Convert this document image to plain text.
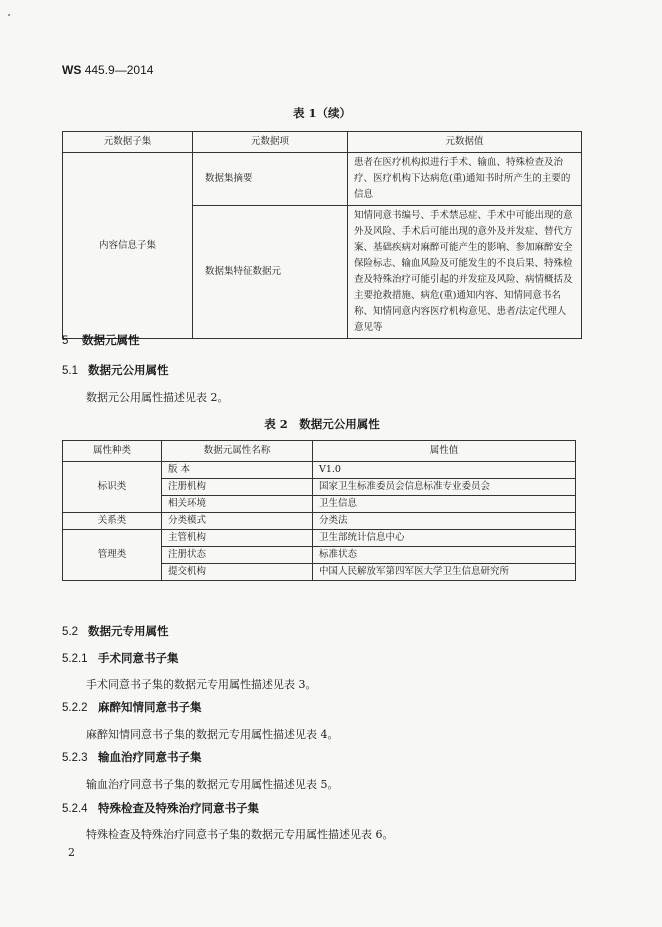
WS 445.9—2014
表 1（续）
元数据子集	元数据项	元数据值
内容信息子集	数据集摘要	患者在医疗机构拟进行手术、输血、特殊检查及治疗、医疗机构下达病危(重)通知书时所产生的主要的信息
	数据集特征数据元	知情同意书编号、手术禁忌症、手术中可能出现的意外及风险、手术后可能出现的意外及并发症、替代方案、基础疾病对麻醉可能产生的影响、参加麻醉安全保险标志、输血风险及可能发生的不良后果、特殊检查及特殊治疗可能引起的并发症及风险、病情概括及主要抢救措施、病危(重)通知内容、知情同意书名称、知情同意内容医疗机构意见、患者/法定代理人意见等
5 数据元属性
5.1 数据元公用属性
数据元公用属性描述见表 2。
表 2　数据元公用属性
属性种类	数据元属性名称	属性值
标识类	版 本	V1.0
	注册机构	国家卫生标准委员会信息标准专业委员会
	相关环境	卫生信息
关系类	分类模式	分类法
管理类	主管机构	卫生部统计信息中心
	注册状态	标准状态
	提交机构	中国人民解放军第四军医大学卫生信息研究所
5.2 数据元专用属性
5.2.1 手术同意书子集
手术同意书子集的数据元专用属性描述见表 3。
5.2.2 麻醉知情同意书子集
麻醉知情同意书子集的数据元专用属性描述见表 4。
5.2.3 输血治疗同意书子集
输血治疗同意书子集的数据元专用属性描述见表 5。
5.2.4 特殊检查及特殊治疗同意书子集
特殊检查及特殊治疗同意书子集的数据元专用属性描述见表 6。
2
